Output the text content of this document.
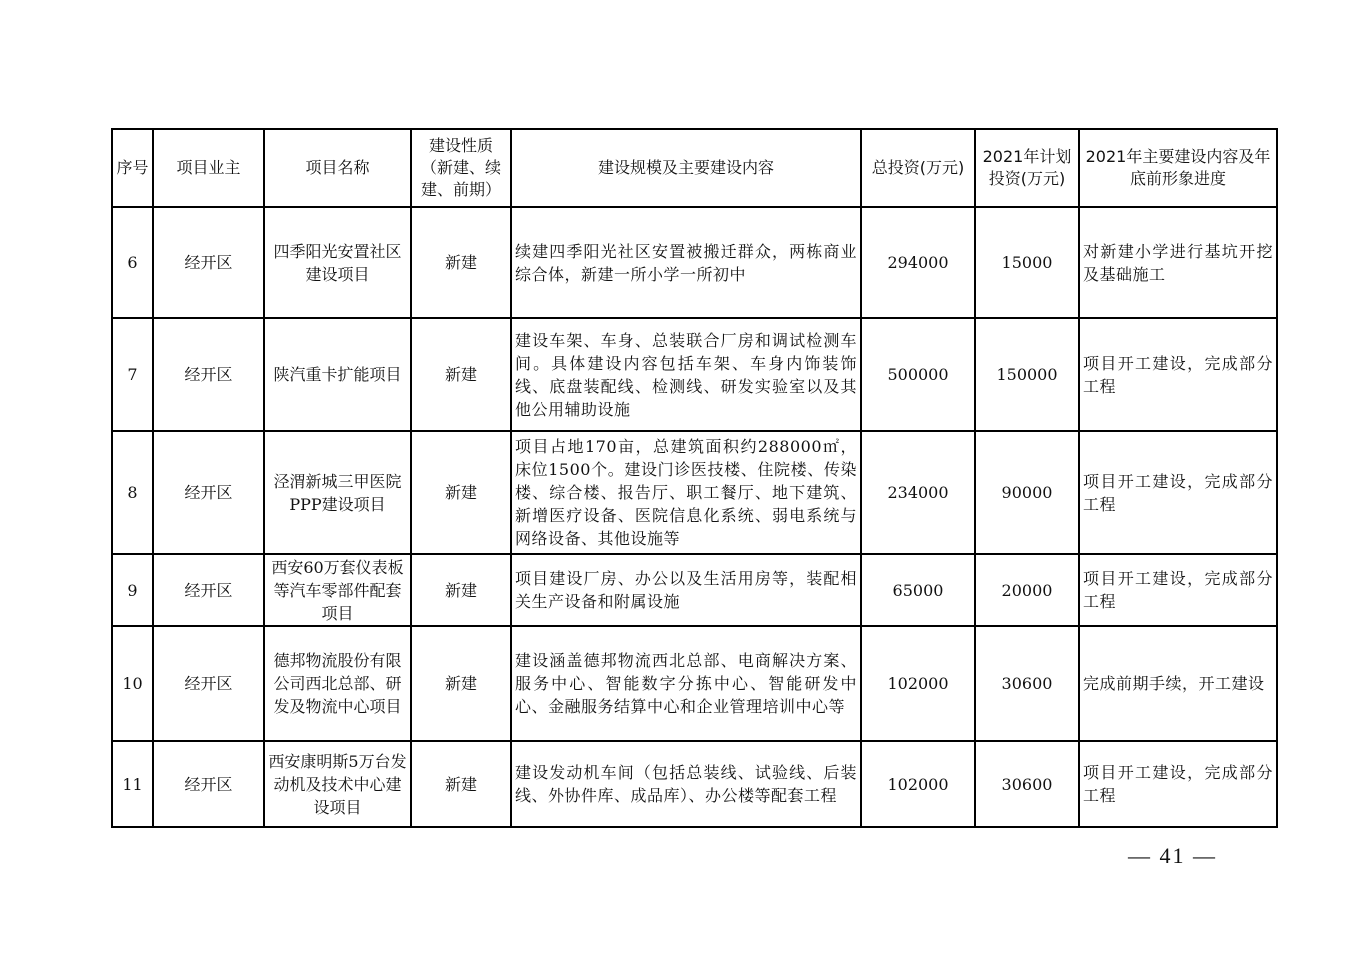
序号	项目业主	项目名称	建设性质（新建、续建、前期）	建设规模及主要建设内容	总投资(万元)	2021年计划投资(万元)	2021年主要建设内容及年底前形象进度
6	经开区	四季阳光安置社区建设项目	新建	续建四季阳光社区安置被搬迁群众，两栋商业综合体，新建一所小学一所初中	294000	15000	对新建小学进行基坑开挖及基础施工
7	经开区	陕汽重卡扩能项目	新建	建设车架、车身、总装联合厂房和调试检测车间。具体建设内容包括车架、车身内饰装饰线、底盘装配线、检测线、研发实验室以及其他公用辅助设施	500000	150000	项目开工建设，完成部分工程
8	经开区	泾渭新城三甲医院PPP建设项目	新建	项目占地170亩，总建筑面积约288000㎡，床位1500个。建设门诊医技楼、住院楼、传染楼、综合楼、报告厅、职工餐厅、地下建筑、新增医疗设备、医院信息化系统、弱电系统与网络设备、其他设施等	234000	90000	项目开工建设，完成部分工程
9	经开区	西安60万套仪表板等汽车零部件配套项目	新建	项目建设厂房、办公以及生活用房等，装配相关生产设备和附属设施	65000	20000	项目开工建设，完成部分工程
10	经开区	德邦物流股份有限公司西北总部、研发及物流中心项目	新建	建设涵盖德邦物流西北总部、电商解决方案、服务中心、智能数字分拣中心、智能研发中心、金融服务结算中心和企业管理培训中心等	102000	30600	完成前期手续，开工建设
11	经开区	西安康明斯5万台发动机及技术中心建设项目	新建	建设发动机车间（包括总装线、试验线、后装线、外协件库、成品库）、办公楼等配套工程	102000	30600	项目开工建设，完成部分工程
— 41 —
